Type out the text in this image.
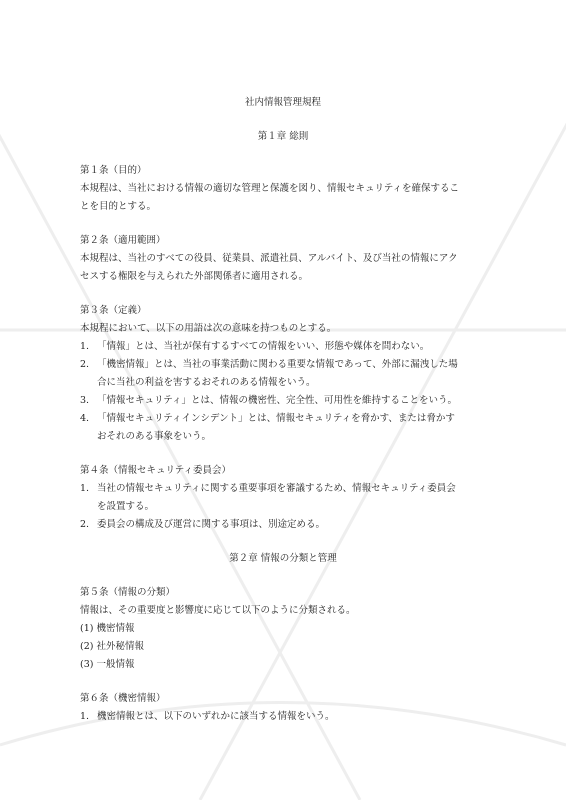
社内情報管理規程
第１章 総則
第１条（目的）
本規程は、当社における情報の適切な管理と保護を図り、情報セキュリティを確保するこ
とを目的とする。
第２条（適用範囲）
本規程は、当社のすべての役員、従業員、派遣社員、アルバイト、及び当社の情報にアク
セスする権限を与えられた外部関係者に適用される。
第３条（定義）
本規程において、以下の用語は次の意味を持つものとする。
1. 「情報」とは、当社が保有するすべての情報をいい、形態や媒体を問わない。
2. 「機密情報」とは、当社の事業活動に関わる重要な情報であって、外部に漏洩した場
合に当社の利益を害するおそれのある情報をいう。
3. 「情報セキュリティ」とは、情報の機密性、完全性、可用性を維持することをいう。
4. 「情報セキュリティインシデント」とは、情報セキュリティを脅かす、または脅かす
おそれのある事象をいう。
第４条（情報セキュリティ委員会）
1. 当社の情報セキュリティに関する重要事項を審議するため、情報セキュリティ委員会
を設置する。
2. 委員会の構成及び運営に関する事項は、別途定める。
第２章 情報の分類と管理
第５条（情報の分類）
情報は、その重要度と影響度に応じて以下のように分類される。
(1) 機密情報
(2) 社外秘情報
(3) 一般情報
第６条（機密情報）
1. 機密情報とは、以下のいずれかに該当する情報をいう。
